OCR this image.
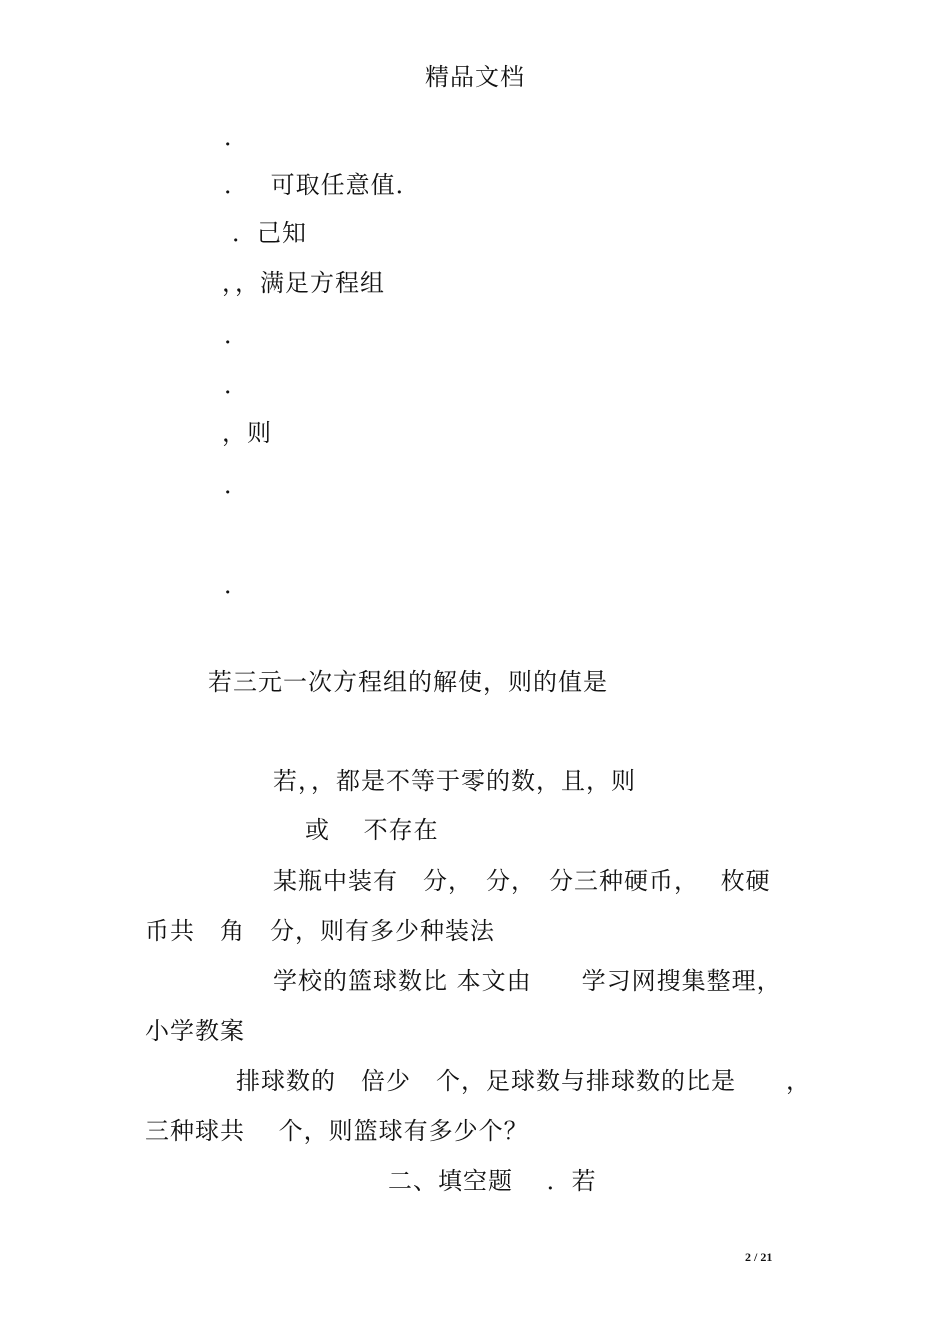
精品文档
．
．　 可取任意值．
．己知
，，满足方程组
．
．
，则
．
．
若三元一次方程组的解使，则的值是
若，，都是不等于零的数，且，则
或　 不存在
某瓶中装有　分，　分，　分三种硬币，　 枚硬
币共　角　分，则有多少种装法
学校的篮球数比 本文由　　学习网搜集整理，
小学教案
排球数的　倍少　个，足球数与排球数的比是　　，
三种球共　 个，则篮球有多少个？
二、填空题　 ．若
2 / 21
